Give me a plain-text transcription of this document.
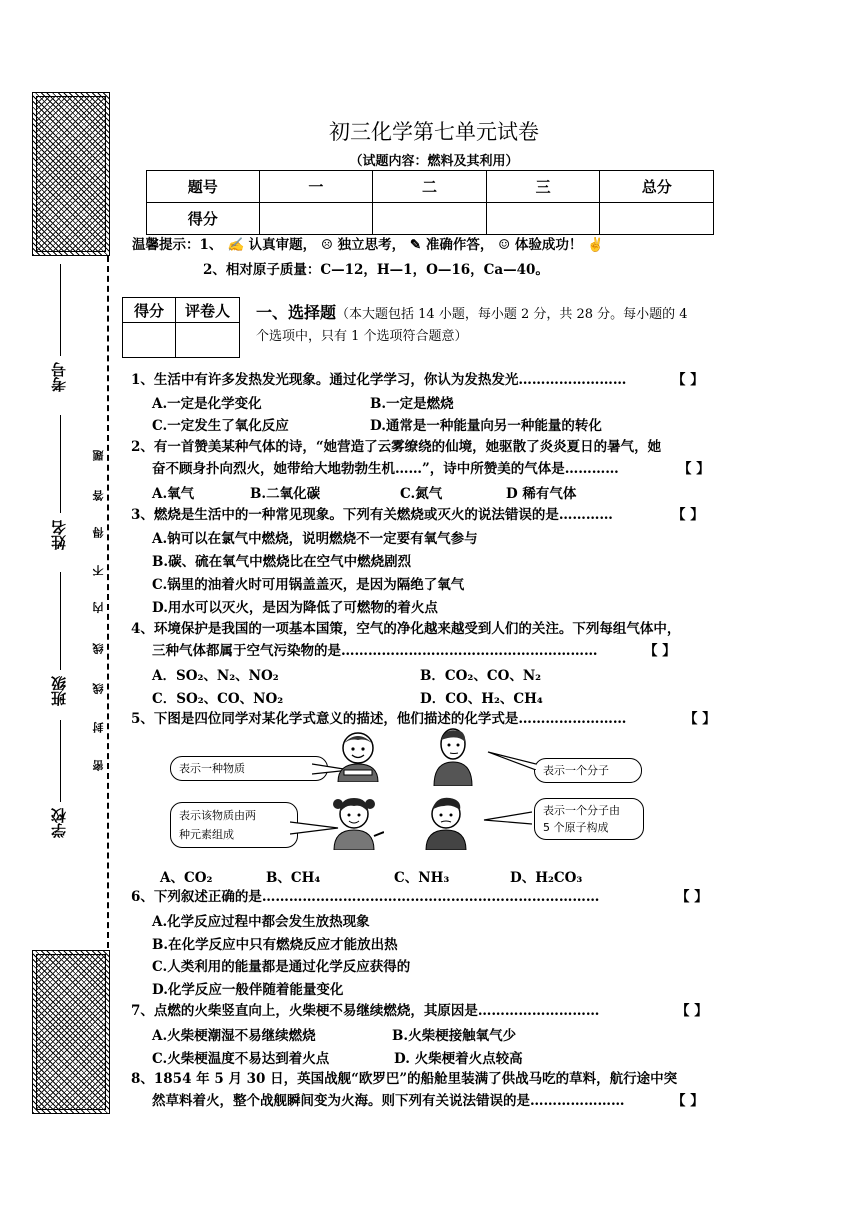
考号
姓名
班级
学校
题
答
得
不
内
线
线
封
密
初三化学第七单元试卷
（试题内容：燃料及其利用）
题号	一	二	三	总分
得分				
温馨提示：1、 ✍ 认真审题， ☹ 独立思考， ✎ 准确作答， ☺ 体验成功！ ✌
2、相对原子质量：C—12，H—1，O—16，Ca—40。
得分	评卷人
	一、选择题（本大题包括 14 小题，每小题 2 分，共 28 分。每小题的 4
个选项中，只有 1 个选项符合题意）
1、生活中有许多发热发光现象。通过化学学习，你认为发热发光……………………	【 】
A.一定是化学变化	B.一定是燃烧
C.一定发生了氧化反应	D.通常是一种能量向另一种能量的转化
2、有一首赞美某种气体的诗，“她营造了云雾缭绕的仙境，她驱散了炎炎夏日的暑气，她
奋不顾身扑向烈火，她带给大地勃勃生机……”，诗中所赞美的气体是…………	【 】
A.氧气	B.二氧化碳	C.氮气	D 稀有气体
3、燃烧是生活中的一种常见现象。下列有关燃烧或灭火的说法错误的是…………	【 】
A.钠可以在氯气中燃烧，说明燃烧不一定要有氧气参与
B.碳、硫在氧气中燃烧比在空气中燃烧剧烈
C.锅里的油着火时可用锅盖盖灭，是因为隔绝了氧气
D.用水可以灭火，是因为降低了可燃物的着火点
4、环境保护是我国的一项基本国策，空气的净化越来越受到人们的关注。下列每组气体中，
三种气体都属于空气污染物的是…………………………………………………	【 】
A．SO₂、N₂、NO₂	B．CO₂、CO、N₂
C．SO₂、CO、NO₂	D．CO、H₂、CH₄
5、下图是四位同学对某化学式意义的描述，他们描述的化学式是……………………	【 】
表示一种物质	表示一个分子
表示该物质由两
种元素组成
表示一个分子由
5 个原子构成
A、CO₂	B、CH₄	C、NH₃	D、H₂CO₃
6、下列叙述正确的是…………………………………………………………………	【 】
A.化学反应过程中都会发生放热现象
B.在化学反应中只有燃烧反应才能放出热
C.人类利用的能量都是通过化学反应获得的
D.化学反应一般伴随着能量变化
7、点燃的火柴竖直向上，火柴梗不易继续燃烧，其原因是………………………	【 】
A.火柴梗潮湿不易继续燃烧	B.火柴梗接触氧气少
C.火柴梗温度不易达到着火点	D. 火柴梗着火点较高
8、1854 年 5 月 30 日，英国战舰“欧罗巴”的船舱里装满了供战马吃的草料，航行途中突
然草料着火，整个战舰瞬间变为火海。则下列有关说法错误的是…………………	【 】
